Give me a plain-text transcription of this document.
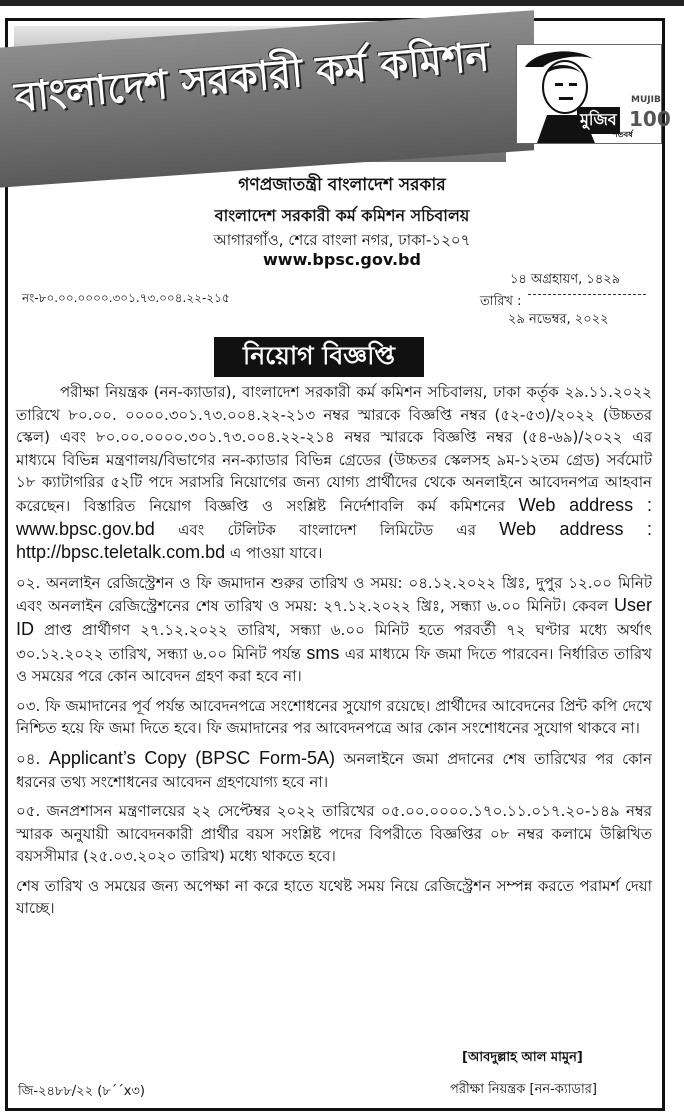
বাংলাদেশ সরকারী কর্ম কমিশন	MUJIB
মুজিব 100
শতবর্ষ
গণপ্রজাতন্ত্রী বাংলাদেশ সরকার
বাংলাদেশ সরকারী কর্ম কমিশন সচিবালয়
আগারগাঁও, শেরে বাংলা নগর, ঢাকা-১২০৭
www.bpsc.gov.bd
নং-৮০.০০.০০০০.৩০১.৭৩.০০৪.২২-২১৫
১৪ অগ্রহায়ণ, ১৪২৯
তারিখ :
২৯ নভেম্বর, ২০২২
নিয়োগ বিজ্ঞপ্তি

পরীক্ষা নিয়ন্ত্রক (নন-ক্যাডার), বাংলাদেশ সরকারী কর্ম কমিশন সচিবালয়, ঢাকা কর্তৃক ২৯.১১.২০২২ তারিখে ৮০.০০. ০০০০.৩০১.৭৩.০০৪.২২-২১৩ নম্বর স্মারকে বিজ্ঞপ্তি নম্বর (৫২-৫৩)/২০২২ (উচ্চতর স্কেল) এবং ৮০.০০.০০০০.৩০১.৭৩.০০৪.২২-২১৪ নম্বর স্মারকে বিজ্ঞপ্তি নম্বর (৫৪-৬৯)/২০২২ এর মাধ্যমে বিভিন্ন মন্ত্রণালয়/বিভাগের নন-ক্যাডার বিভিন্ন গ্রেডের (উচ্চতর স্কেলসহ ৯ম-১২তম গ্রেড) সর্বমোট ১৮ ক্যাটাগরির ৫২টি পদে সরাসরি নিয়োগের জন্য যোগ্য প্রার্থীদের থেকে অনলাইনে আবেদনপত্র আহবান করেছেন। বিস্তারিত নিয়োগ বিজ্ঞপ্তি ও সংশ্লিষ্ট নির্দেশাবলি কর্ম কমিশনের Web address : www.bpsc.gov.bd এবং টেলিটক বাংলাদেশ লিমিটেড এর Web address : http://bpsc.teletalk.com.bd এ পাওয়া যাবে।

০২. অনলাইন রেজিস্ট্রেশন ও ফি জমাদান শুরুর তারিখ ও সময়: ০৪.১২.২০২২ খ্রিঃ, দুপুর ১২.০০ মিনিট এবং অনলাইন রেজিস্ট্রেশনের শেষ তারিখ ও সময়: ২৭.১২.২০২২ খ্রিঃ, সন্ধ্যা ৬.০০ মিনিট। কেবল User ID প্রাপ্ত প্রার্থীগণ ২৭.১২.২০২২ তারিখ, সন্ধ্যা ৬.০০ মিনিট হতে পরবর্তী ৭২ ঘণ্টার মধ্যে অর্থাৎ ৩০.১২.২০২২ তারিখ, সন্ধ্যা ৬.০০ মিনিট পর্যন্ত sms এর মাধ্যমে ফি জমা দিতে পারবেন। নির্ধারিত তারিখ ও সময়ের পরে কোন আবেদন গ্রহণ করা হবে না।

০৩. ফি জমাদানের পূর্ব পর্যন্ত আবেদনপত্রে সংশোধনের সুযোগ রয়েছে। প্রার্থীদের আবেদনের প্রিন্ট কপি দেখে নিশ্চিত হয়ে ফি জমা দিতে হবে। ফি জমাদানের পর আবেদনপত্রে আর কোন সংশোধনের সুযোগ থাকবে না।

০৪. Applicant’s Copy (BPSC Form-5A) অনলাইনে জমা প্রদানের শেষ তারিখের পর কোন ধরনের তথ্য সংশোধনের আবেদন গ্রহণযোগ্য হবে না।

০৫. জনপ্রশাসন মন্ত্রণালয়ের ২২ সেপ্টেম্বর ২০২২ তারিখের ০৫.০০.০০০০.১৭০.১১.০১৭.২০-১৪৯ নম্বর স্মারক অনুযায়ী আবেদনকারী প্রার্থীর বয়স সংশ্লিষ্ট পদের বিপরীতে বিজ্ঞপ্তির ০৮ নম্বর কলামে উল্লিখিত বয়সসীমার (২৫.০৩.২০২০ তারিখ) মধ্যে থাকতে হবে।

শেষ তারিখ ও সময়ের জন্য অপেক্ষা না করে হাতে যথেষ্ট সময় নিয়ে রেজিস্ট্রেশন সম্পন্ন করতে পরামর্শ দেয়া যাচ্ছে।

[আবদুল্লাহ আল মামুন]
পরীক্ষা নিয়ন্ত্রক [নন-ক্যাডার]
জি-২৪৮৮/২২ (৮ˊˊx৩)
